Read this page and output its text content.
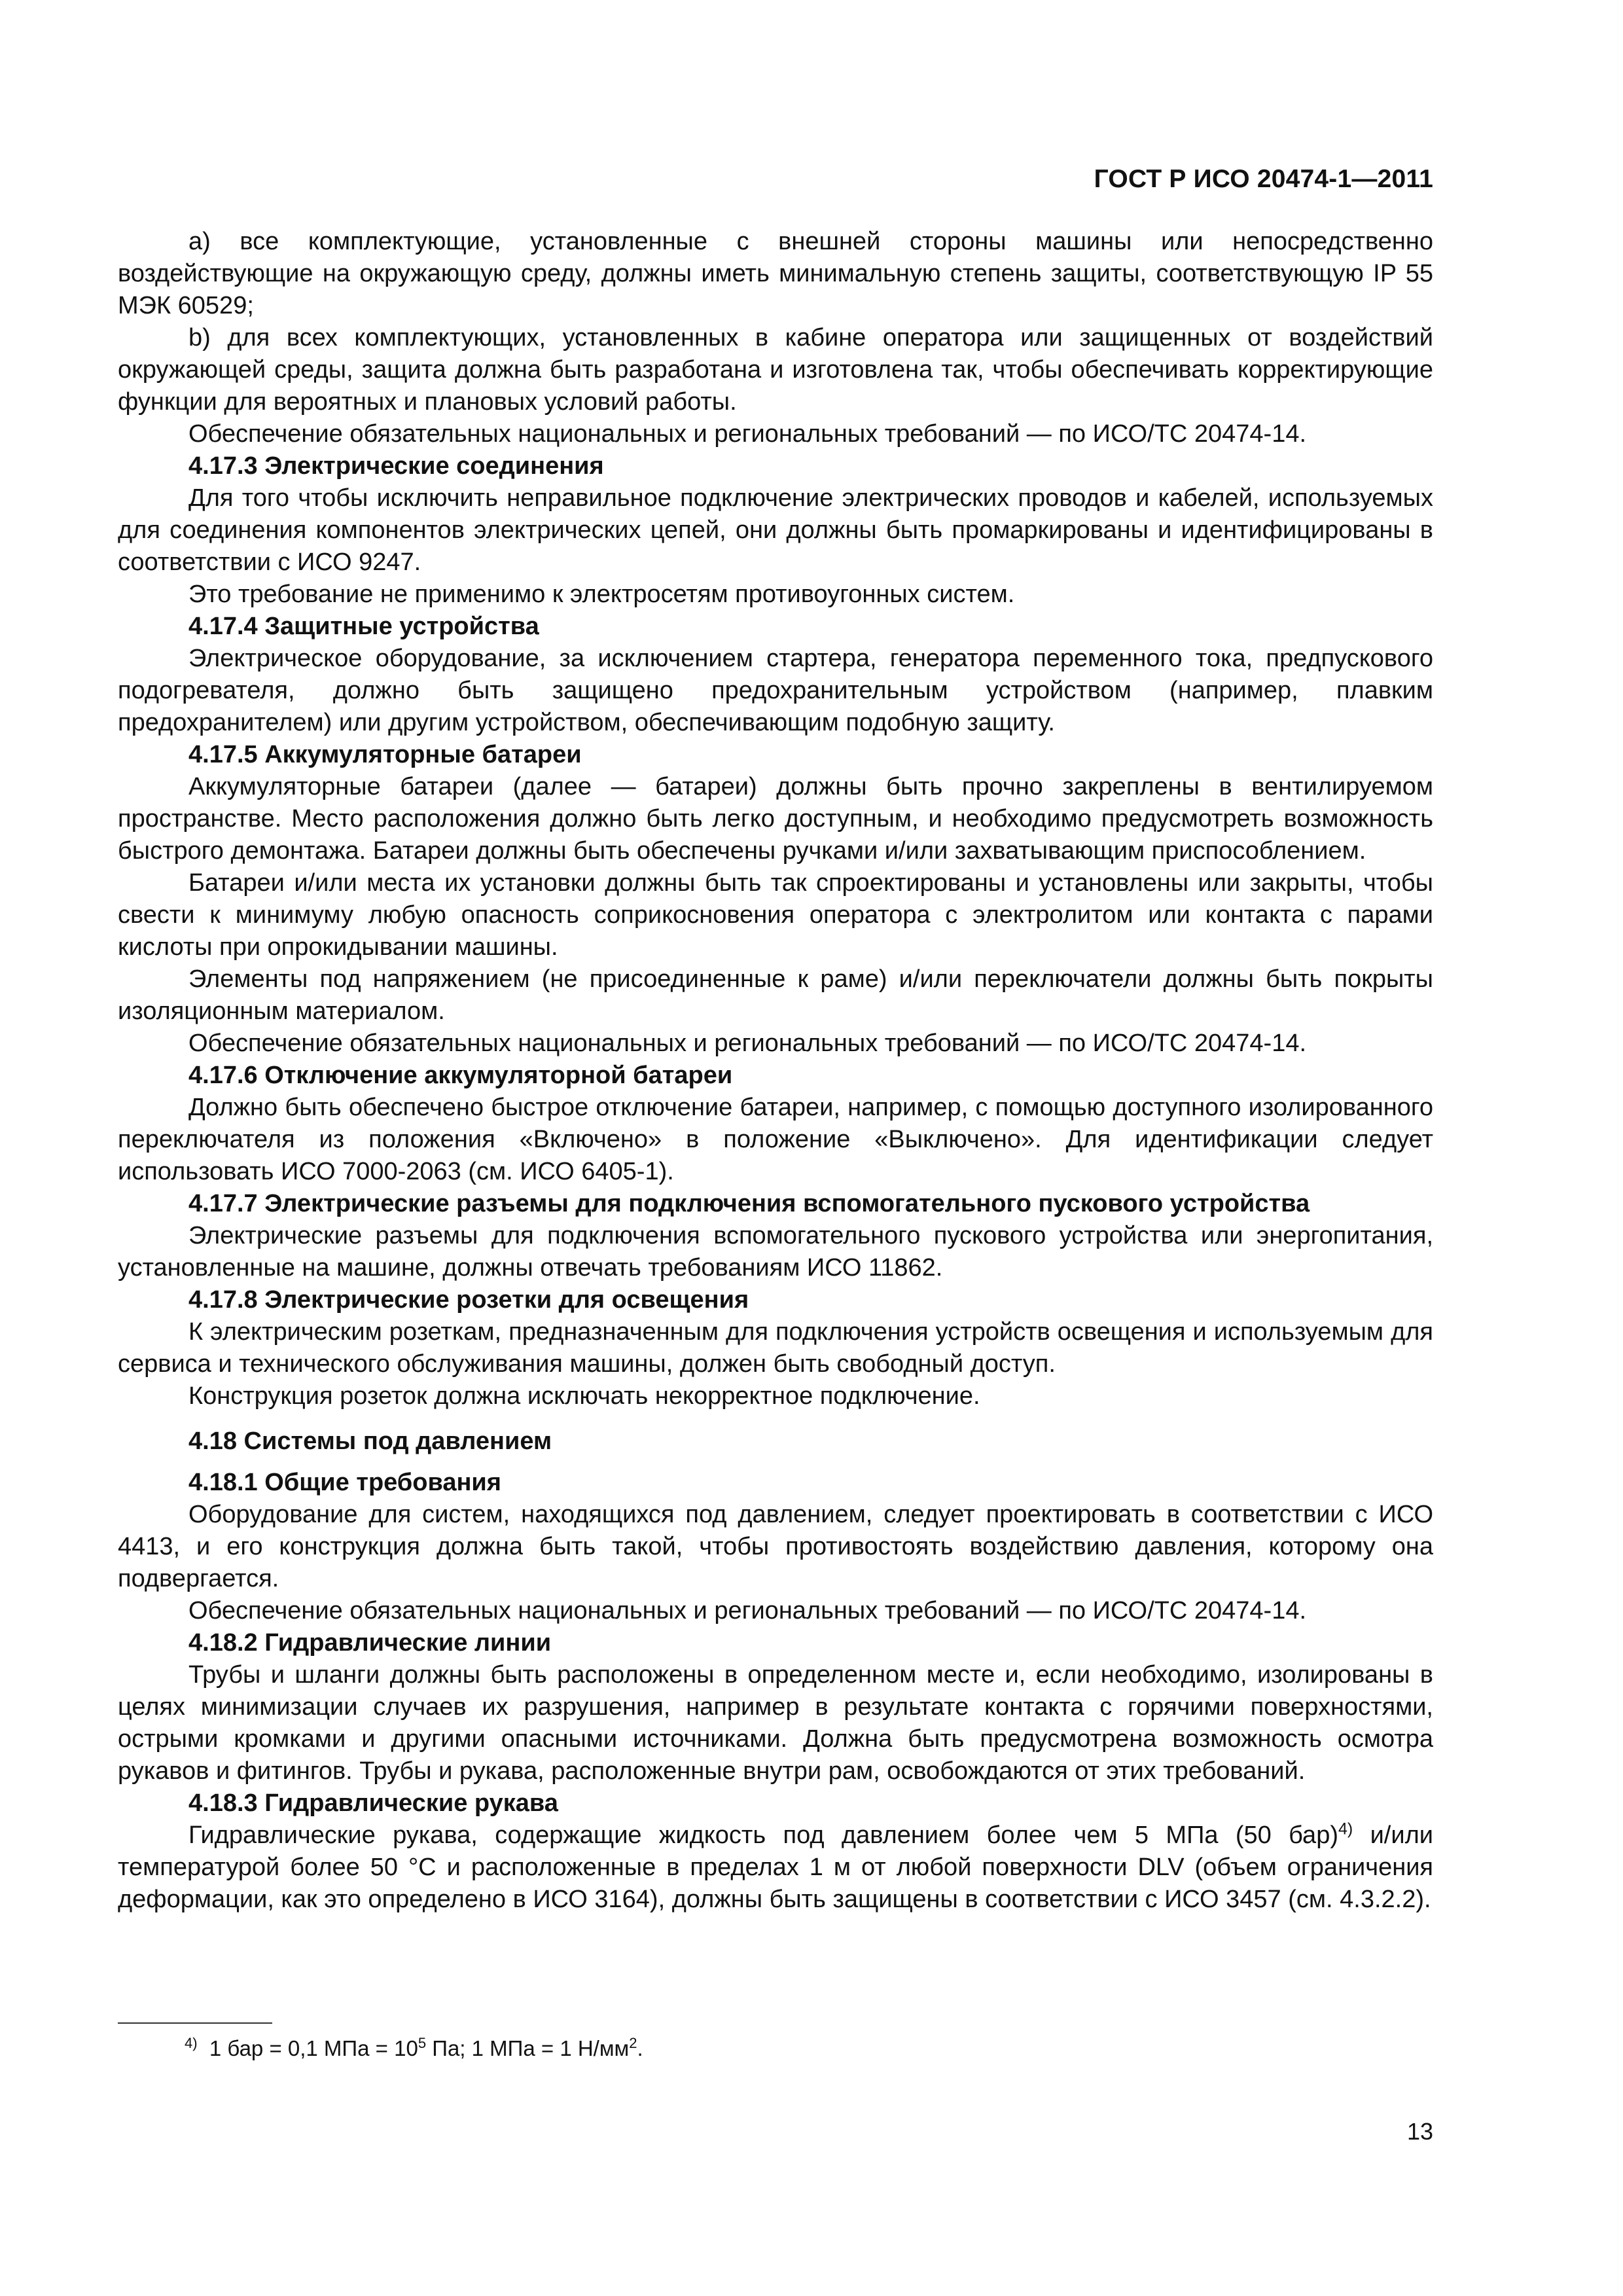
ГОСТ Р ИСО 20474-1—2011

a) все комплектующие, установленные с внешней стороны машины или непосредственно воздействующие на окружающую среду, должны иметь минимальную степень защиты, соответствующую IP 55 МЭК 60529;

b) для всех комплектующих, установленных в кабине оператора или защищенных от воздействий окружающей среды, защита должна быть разработана и изготовлена так, чтобы обеспечивать корректирующие функции для вероятных и плановых условий работы.

Обеспечение обязательных национальных и региональных требований — по ИСО/ТС 20474-14.

4.17.3 Электрические соединения

Для того чтобы исключить неправильное подключение электрических проводов и кабелей, используемых для соединения компонентов электрических цепей, они должны быть промаркированы и идентифицированы в соответствии с ИСО 9247.

Это требование не применимо к электросетям противоугонных систем.

4.17.4 Защитные устройства

Электрическое оборудование, за исключением стартера, генератора переменного тока, предпускового подогревателя, должно быть защищено предохранительным устройством (например, плавким предохранителем) или другим устройством, обеспечивающим подобную защиту.

4.17.5 Аккумуляторные батареи

Аккумуляторные батареи (далее — батареи) должны быть прочно закреплены в вентилируемом пространстве. Место расположения должно быть легко доступным, и необходимо предусмотреть возможность быстрого демонтажа. Батареи должны быть обеспечены ручками и/или захватывающим приспособлением.

Батареи и/или места их установки должны быть так спроектированы и установлены или закрыты, чтобы свести к минимуму любую опасность соприкосновения оператора с электролитом или контакта с парами кислоты при опрокидывании машины.

Элементы под напряжением (не присоединенные к раме) и/или переключатели должны быть покрыты изоляционным материалом.

Обеспечение обязательных национальных и региональных требований — по ИСО/ТС 20474-14.

4.17.6 Отключение аккумуляторной батареи

Должно быть обеспечено быстрое отключение батареи, например, с помощью доступного изолированного переключателя из положения «Включено» в положение «Выключено». Для идентификации следует использовать ИСО 7000-2063 (см. ИСО 6405-1).

4.17.7 Электрические разъемы для подключения вспомогательного пускового устройства

Электрические разъемы для подключения вспомогательного пускового устройства или энергопитания, установленные на машине, должны отвечать требованиям ИСО 11862.

4.17.8 Электрические розетки для освещения

К электрическим розеткам, предназначенным для подключения устройств освещения и используемым для сервиса и технического обслуживания машины, должен быть свободный доступ.

Конструкция розеток должна исключать некорректное подключение.

4.18 Системы под давлением
4.18.1 Общие требования

Оборудование для систем, находящихся под давлением, следует проектировать в соответствии с ИСО 4413, и его конструкция должна быть такой, чтобы противостоять воздействию давления, которому она подвергается.

Обеспечение обязательных национальных и региональных требований — по ИСО/ТС 20474-14.

4.18.2 Гидравлические линии

Трубы и шланги должны быть расположены в определенном месте и, если необходимо, изолированы в целях минимизации случаев их разрушения, например в результате контакта с горячими поверхностями, острыми кромками и другими опасными источниками. Должна быть предусмотрена возможность осмотра рукавов и фитингов. Трубы и рукава, расположенные внутри рам, освобождаются от этих требований.

4.18.3 Гидравлические рукава

Гидравлические рукава, содержащие жидкость под давлением более чем 5 МПа (50 бар)$^{4)}$ и/или температурой более 50 °С и расположенные в пределах 1 м от любой поверхности DLV (объем ограничения деформации, как это определено в ИСО 3164), должны быть защищены в соответствии с ИСО 3457 (см. 4.3.2.2).

$^{4)}$ 1 бар = 0,1 МПа = $10^5$ Па; 1 МПа = 1 $Н/мм^2$.
13
